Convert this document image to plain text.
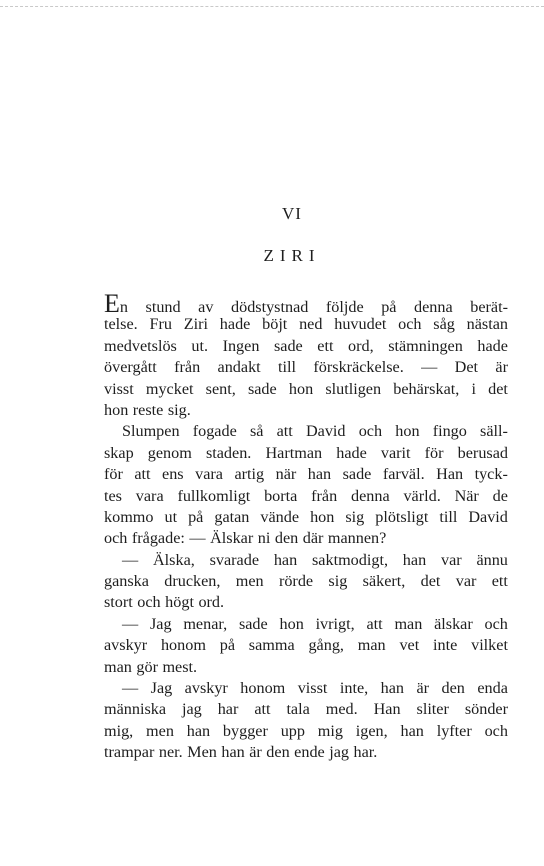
VI
ZIRI
En stund av dödstystnad följde på denna berät-
telse. Fru Ziri hade böjt ned huvudet och såg nästan
medvetslös ut. Ingen sade ett ord, stämningen hade
övergått från andakt till förskräckelse. — Det är
visst mycket sent, sade hon slutligen behärskat, i det
hon reste sig.
Slumpen fogade så att David och hon fingo säll-
skap genom staden. Hartman hade varit för berusad
för att ens vara artig när han sade farväl. Han tyck-
tes vara fullkomligt borta från denna värld. När de
kommo ut på gatan vände hon sig plötsligt till David
och frågade: — Älskar ni den där mannen?
— Älska, svarade han saktmodigt, han var ännu
ganska drucken, men rörde sig säkert, det var ett
stort och högt ord.
— Jag menar, sade hon ivrigt, att man älskar och
avskyr honom på samma gång, man vet inte vilket
man gör mest.
— Jag avskyr honom visst inte, han är den enda
människa jag har att tala med. Han sliter sönder
mig, men han bygger upp mig igen, han lyfter och
trampar ner. Men han är den ende jag har.
